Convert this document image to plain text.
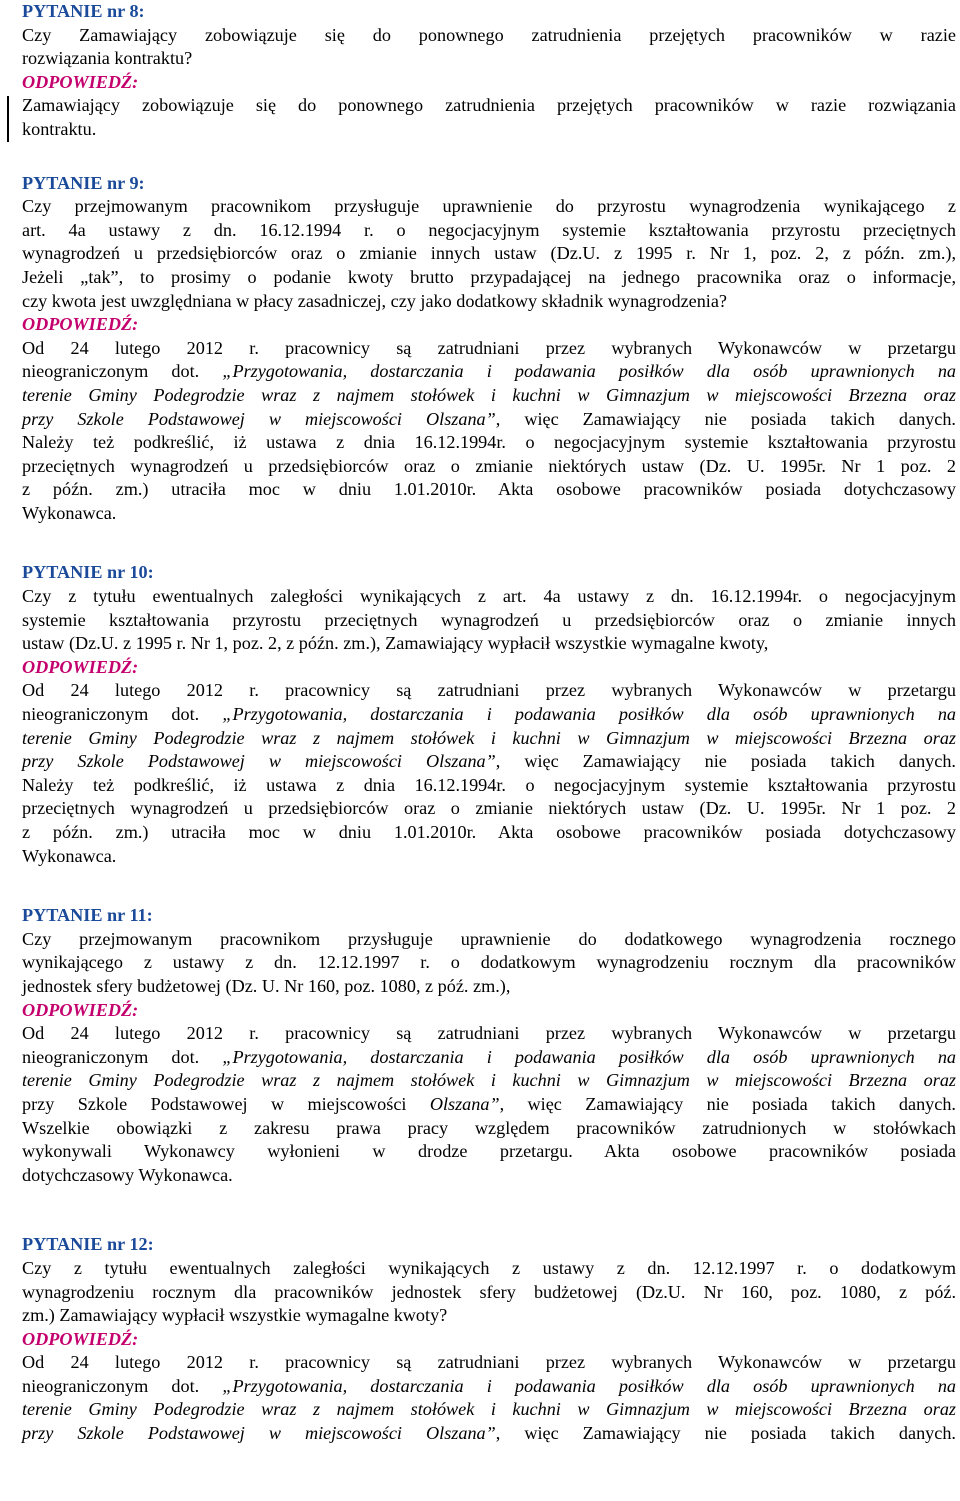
PYTANIE nr 8:
Czy Zamawiający zobowiązuje się do ponownego zatrudnienia przejętych pracowników w razie
rozwiązania kontraktu?
ODPOWIEDŹ:
Zamawiający zobowiązuje się do ponownego zatrudnienia przejętych pracowników w razie rozwiązania
kontraktu.
PYTANIE nr 9:
Czy przejmowanym pracownikom przysługuje uprawnienie do przyrostu wynagrodzenia wynikającego z
art. 4a ustawy z dn. 16.12.1994 r. o negocjacyjnym systemie kształtowania przyrostu przeciętnych
wynagrodzeń u przedsiębiorców oraz o zmianie innych ustaw (Dz.U. z 1995 r. Nr 1, poz. 2, z późn. zm.),
Jeżeli „tak”, to prosimy o podanie kwoty brutto przypadającej na jednego pracownika oraz o informacje,
czy kwota jest uwzględniana w płacy zasadniczej, czy jako dodatkowy składnik wynagrodzenia?
ODPOWIEDŹ:
Od 24 lutego 2012 r. pracownicy są zatrudniani przez wybranych Wykonawców w przetargu
nieograniczonym dot. „Przygotowania, dostarczania i podawania posiłków dla osób uprawnionych na
terenie Gminy Podegrodzie wraz z najmem stołówek i kuchni w Gimnazjum w miejscowości Brzezna oraz
przy Szkole Podstawowej w miejscowości Olszana”, więc Zamawiający nie posiada takich danych.
Należy też podkreślić, iż ustawa z dnia 16.12.1994r. o negocjacyjnym systemie kształtowania przyrostu
przeciętnych wynagrodzeń u przedsiębiorców oraz o zmianie niektórych ustaw (Dz. U. 1995r. Nr 1 poz. 2
z późn. zm.) utraciła moc w dniu 1.01.2010r. Akta osobowe pracowników posiada dotychczasowy
Wykonawca.
PYTANIE nr 10:
Czy z tytułu ewentualnych zaległości wynikających z art. 4a ustawy z dn. 16.12.1994r. o negocjacyjnym
systemie kształtowania przyrostu przeciętnych wynagrodzeń u przedsiębiorców oraz o zmianie innych
ustaw (Dz.U. z 1995 r. Nr 1, poz. 2, z późn. zm.), Zamawiający wypłacił wszystkie wymagalne kwoty,
ODPOWIEDŹ:
Od 24 lutego 2012 r. pracownicy są zatrudniani przez wybranych Wykonawców w przetargu
nieograniczonym dot. „Przygotowania, dostarczania i podawania posiłków dla osób uprawnionych na
terenie Gminy Podegrodzie wraz z najmem stołówek i kuchni w Gimnazjum w miejscowości Brzezna oraz
przy Szkole Podstawowej w miejscowości Olszana”, więc Zamawiający nie posiada takich danych.
Należy też podkreślić, iż ustawa z dnia 16.12.1994r. o negocjacyjnym systemie kształtowania przyrostu
przeciętnych wynagrodzeń u przedsiębiorców oraz o zmianie niektórych ustaw (Dz. U. 1995r. Nr 1 poz. 2
z późn. zm.) utraciła moc w dniu 1.01.2010r. Akta osobowe pracowników posiada dotychczasowy
Wykonawca.
PYTANIE nr 11:
Czy przejmowanym pracownikom przysługuje uprawnienie do dodatkowego wynagrodzenia rocznego
wynikającego z ustawy z dn. 12.12.1997 r. o dodatkowym wynagrodzeniu rocznym dla pracowników
jednostek sfery budżetowej (Dz. U. Nr 160, poz. 1080, z póź. zm.),
ODPOWIEDŹ:
Od 24 lutego 2012 r. pracownicy są zatrudniani przez wybranych Wykonawców w przetargu
nieograniczonym dot. „Przygotowania, dostarczania i podawania posiłków dla osób uprawnionych na
terenie Gminy Podegrodzie wraz z najmem stołówek i kuchni w Gimnazjum w miejscowości Brzezna oraz
przy Szkole Podstawowej w miejscowości Olszana”, więc Zamawiający nie posiada takich danych.
Wszelkie obowiązki z zakresu prawa pracy względem pracowników zatrudnionych w stołówkach
wykonywali Wykonawcy wyłonieni w drodze przetargu. Akta osobowe pracowników posiada
dotychczasowy Wykonawca.
PYTANIE nr 12:
Czy z tytułu ewentualnych zaległości wynikających z ustawy z dn. 12.12.1997 r. o dodatkowym
wynagrodzeniu rocznym dla pracowników jednostek sfery budżetowej (Dz.U. Nr 160, poz. 1080, z póź.
zm.) Zamawiający wypłacił wszystkie wymagalne kwoty?
ODPOWIEDŹ:
Od 24 lutego 2012 r. pracownicy są zatrudniani przez wybranych Wykonawców w przetargu
nieograniczonym dot. „Przygotowania, dostarczania i podawania posiłków dla osób uprawnionych na
terenie Gminy Podegrodzie wraz z najmem stołówek i kuchni w Gimnazjum w miejscowości Brzezna oraz
przy Szkole Podstawowej w miejscowości Olszana”, więc Zamawiający nie posiada takich danych.
